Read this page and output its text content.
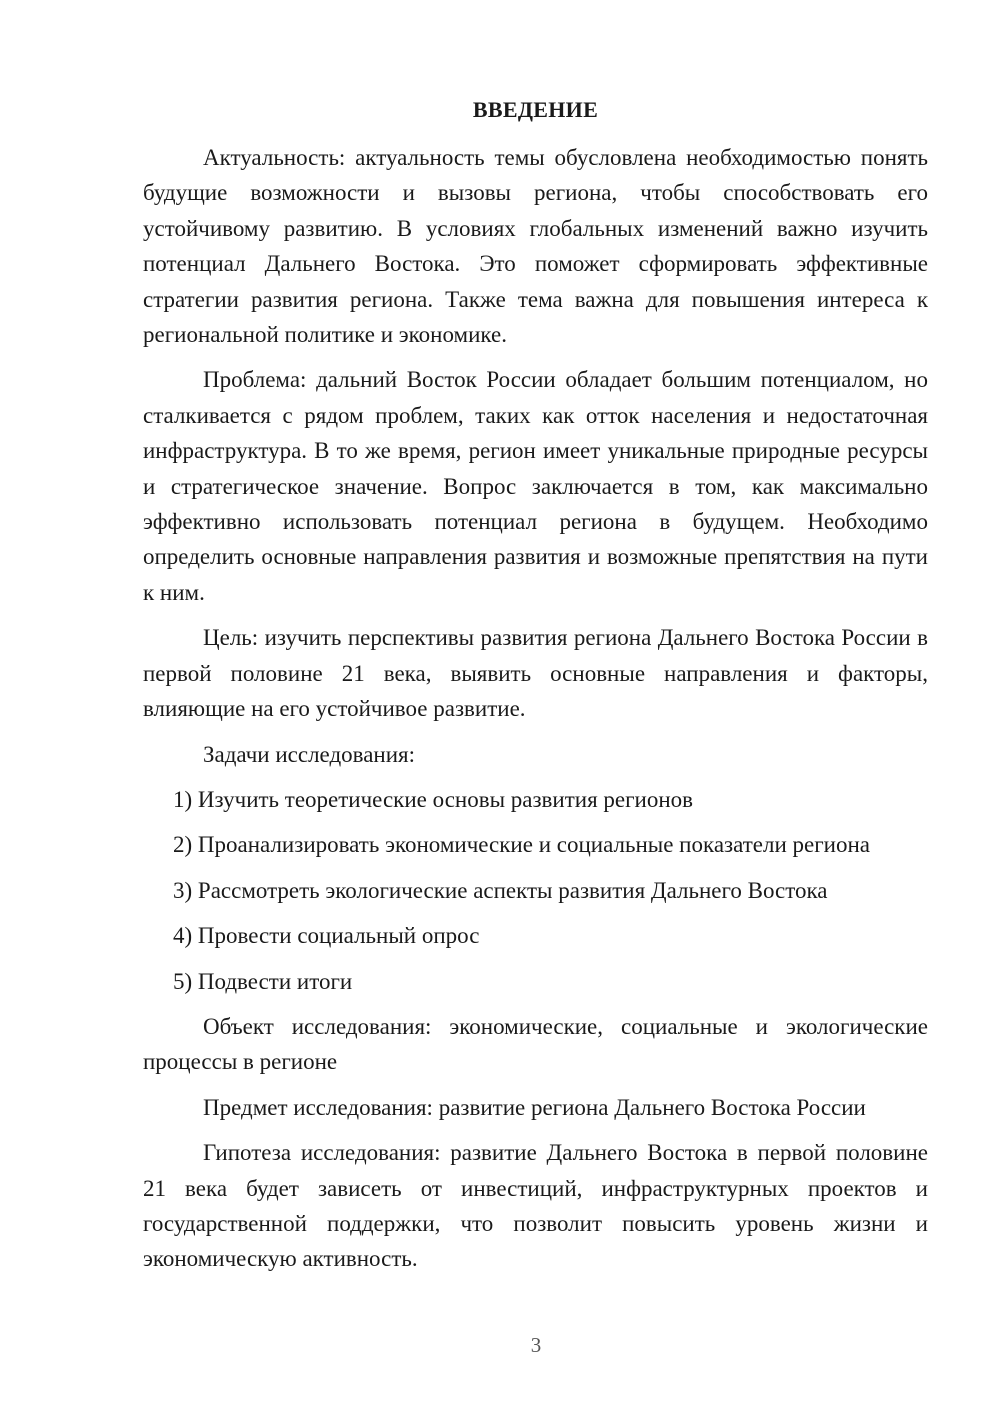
ВВЕДЕНИЕ

Актуальность: актуальность темы обусловлена необходимостью понять будущие возможности и вызовы региона, чтобы способствовать его устойчивому развитию. В условиях глобальных изменений важно изучить потенциал Дальнего Востока. Это поможет сформировать эффективные стратегии развития региона. Также тема важна для повышения интереса к региональной политике и экономике.

Проблема: дальний Восток России обладает большим потенциалом, но сталкивается с рядом проблем, таких как отток населения и недостаточная инфраструктура. В то же время, регион имеет уникальные природные ресурсы и стратегическое значение. Вопрос заключается в том, как максимально эффективно использовать потенциал региона в будущем. Необходимо определить основные направления развития и возможные препятствия на пути к ним.

Цель: изучить перспективы развития региона Дальнего Востока России в первой половине 21 века, выявить основные направления и факторы, влияющие на его устойчивое развитие.

Задачи исследования:

1) Изучить теоретические основы развития регионов

2) Проанализировать экономические и социальные показатели региона

3) Рассмотреть экологические аспекты развития Дальнего Востока

4) Провести социальный опрос

5) Подвести итоги

Объект исследования: экономические, социальные и экологические процессы в регионе

Предмет исследования: развитие региона Дальнего Востока России

Гипотеза исследования: развитие Дальнего Востока в первой половине 21 века будет зависеть от инвестиций, инфраструктурных проектов и государственной поддержки, что позволит повысить уровень жизни и экономическую активность.

3
